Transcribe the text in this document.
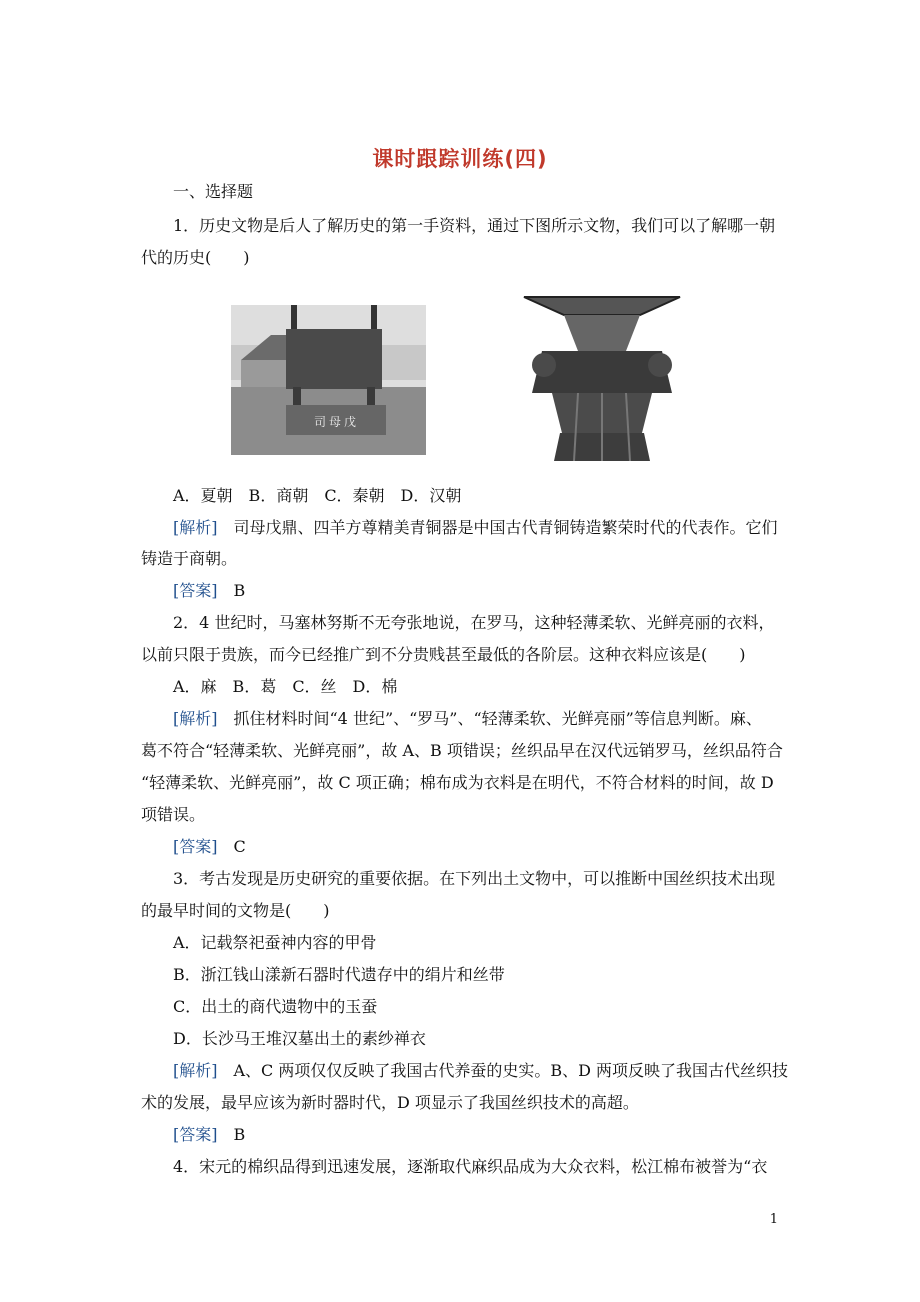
课时跟踪训练(四)
一、选择题
1．历史文物是后人了解历史的第一手资料，通过下图所示文物，我们可以了解哪一朝
代的历史(　　)
司母戊
A．夏朝　B．商朝　C．秦朝　D．汉朝
[解析]　司母戊鼎、四羊方尊精美青铜器是中国古代青铜铸造繁荣时代的代表作。它们
铸造于商朝。
[答案]　B
2．4 世纪时，马塞林努斯不无夸张地说，在罗马，这种轻薄柔软、光鲜亮丽的衣料，
以前只限于贵族，而今已经推广到不分贵贱甚至最低的各阶层。这种衣料应该是(　　)
A．麻　B．葛　C．丝　D．棉
[解析]　抓住材料时间“4 世纪”、“罗马”、“轻薄柔软、光鲜亮丽”等信息判断。麻、
葛不符合“轻薄柔软、光鲜亮丽”，故 A、B 项错误；丝织品早在汉代远销罗马，丝织品符合
“轻薄柔软、光鲜亮丽”，故 C 项正确；棉布成为衣料是在明代，不符合材料的时间，故 D
项错误。
[答案]　C
3．考古发现是历史研究的重要依据。在下列出土文物中，可以推断中国丝织技术出现
的最早时间的文物是(　　)
A．记载祭祀蚕神内容的甲骨
B．浙江钱山漾新石器时代遗存中的绢片和丝带
C．出土的商代遗物中的玉蚕
D．长沙马王堆汉墓出土的素纱禅衣
[解析]　A、C 两项仅仅反映了我国古代养蚕的史实。B、D 两项反映了我国古代丝织技
术的发展，最早应该为新时器时代，D 项显示了我国丝织技术的高超。
[答案]　B
4．宋元的棉织品得到迅速发展，逐渐取代麻织品成为大众衣料，松江棉布被誉为“衣
1
